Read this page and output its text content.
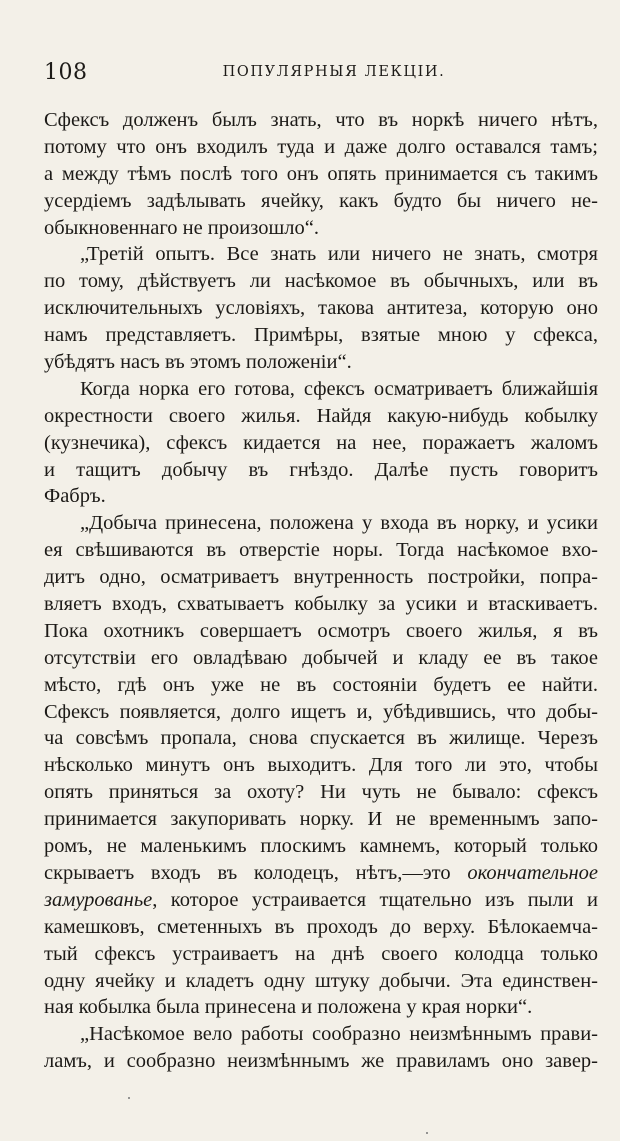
108	ПОПУЛЯРНЫЯ ЛЕКЦІИ.
Сфексъ долженъ былъ знать, что въ норкѣ ничего нѣтъ,
потому что онъ входилъ туда и даже долго оставался тамъ;
а между тѣмъ послѣ того онъ опять принимается съ такимъ
усердіемъ задѣлывать ячейку, какъ будто бы ничего не-
обыкновеннаго не произошло“.
„Третій опытъ. Все знать или ничего не знать, смотря
по тому, дѣйствуетъ ли насѣкомое въ обычныхъ, или въ
исключительныхъ условіяхъ, такова антитеза, которую оно
намъ представляетъ. Примѣры, взятые мною у сфекса,
убѣдятъ насъ въ этомъ положеніи“.
Когда норка его готова, сфексъ осматриваетъ ближайшія
окрестности своего жилья. Найдя какую-нибудь кобылку
(кузнечика), сфексъ кидается на нее, поражаетъ жаломъ
и тащитъ добычу въ гнѣздо. Далѣе пусть говоритъ
Фабръ.
„Добыча принесена, положена у входа въ норку, и усики
ея свѣшиваются въ отверстіе норы. Тогда насѣкомое вхо-
дитъ одно, осматриваетъ внутренность постройки, попра-
вляетъ входъ, схватываетъ кобылку за усики и втаскиваетъ.
Пока охотникъ совершаетъ осмотръ своего жилья, я въ
отсутствіи его овладѣваю добычей и кладу ее въ такое
мѣсто, гдѣ онъ уже не въ состояніи будетъ ее найти.
Сфексъ появляется, долго ищетъ и, убѣдившись, что добы-
ча совсѣмъ пропала, снова спускается въ жилище. Черезъ
нѣсколько минутъ онъ выходитъ. Для того ли это, чтобы
опять приняться за охоту? Ни чуть не бывало: сфексъ
принимается закупоривать норку. И не временнымъ запо-
ромъ, не маленькимъ плоскимъ камнемъ, который только
скрываетъ входъ въ колодецъ, нѣтъ,—это окончательное
замурованье, которое устраивается тщательно изъ пыли и
камешковъ, сметенныхъ въ проходъ до верху. Бѣлокаемча-
тый сфексъ устраиваетъ на днѣ своего колодца только
одну ячейку и кладетъ одну штуку добычи. Эта единствен-
ная кобылка была принесена и положена у края норки“.
„Насѣкомое вело работы сообразно неизмѣннымъ прави-
ламъ, и сообразно неизмѣннымъ же правиламъ оно завер-
